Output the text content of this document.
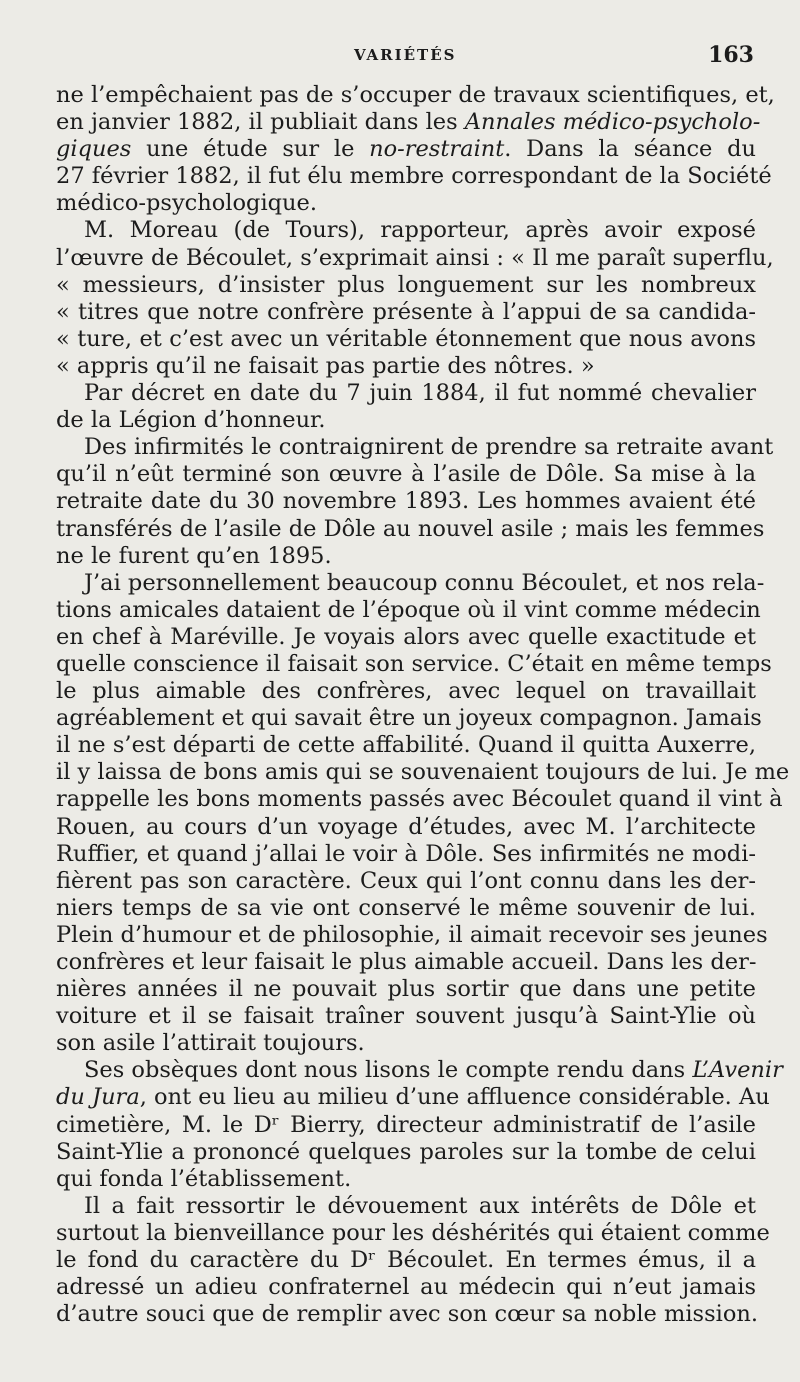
VARIÉTÉS	163
ne l’empêchaient pas de s’occuper de travaux scientifiques, et,
en janvier 1882, il publiait dans les Annales médico-psycholo-
giques une étude sur le no-restraint. Dans la séance du
27 février 1882, il fut élu membre correspondant de la Société
médico-psychologique.
M. Moreau (de Tours), rapporteur, après avoir exposé
l’œuvre de Bécoulet, s’exprimait ainsi : « Il me paraît superflu,
« messieurs, d’insister plus longuement sur les nombreux
« titres que notre confrère présente à l’appui de sa candida-
« ture, et c’est avec un véritable étonnement que nous avons
« appris qu’il ne faisait pas partie des nôtres. »
Par décret en date du 7 juin 1884, il fut nommé chevalier
de la Légion d’honneur.
Des infirmités le contraignirent de prendre sa retraite avant
qu’il n’eût terminé son œuvre à l’asile de Dôle. Sa mise à la
retraite date du 30 novembre 1893. Les hommes avaient été
transférés de l’asile de Dôle au nouvel asile ; mais les femmes
ne le furent qu’en 1895.
J’ai personnellement beaucoup connu Bécoulet, et nos rela-
tions amicales dataient de l’époque où il vint comme médecin
en chef à Maréville. Je voyais alors avec quelle exactitude et
quelle conscience il faisait son service. C’était en même temps
le plus aimable des confrères, avec lequel on travaillait
agréablement et qui savait être un joyeux compagnon. Jamais
il ne s’est départi de cette affabilité. Quand il quitta Auxerre,
il y laissa de bons amis qui se souvenaient toujours de lui. Je me
rappelle les bons moments passés avec Bécoulet quand il vint à
Rouen, au cours d’un voyage d’études, avec M. l’architecte
Ruffier, et quand j’allai le voir à Dôle. Ses infirmités ne modi-
fièrent pas son caractère. Ceux qui l’ont connu dans les der-
niers temps de sa vie ont conservé le même souvenir de lui.
Plein d’humour et de philosophie, il aimait recevoir ses jeunes
confrères et leur faisait le plus aimable accueil. Dans les der-
nières années il ne pouvait plus sortir que dans une petite
voiture et il se faisait traîner souvent jusqu’à Saint-Ylie où
son asile l’attirait toujours.
Ses obsèques dont nous lisons le compte rendu dans L’Avenir
du Jura, ont eu lieu au milieu d’une affluence considérable. Au
cimetière, M. le Dʳ Bierry, directeur administratif de l’asile
Saint-Ylie a prononcé quelques paroles sur la tombe de celui
qui fonda l’établissement.
Il a fait ressortir le dévouement aux intérêts de Dôle et
surtout la bienveillance pour les déshérités qui étaient comme
le fond du caractère du Dʳ Bécoulet. En termes émus, il a
adressé un adieu confraternel au médecin qui n’eut jamais
d’autre souci que de remplir avec son cœur sa noble mission.
